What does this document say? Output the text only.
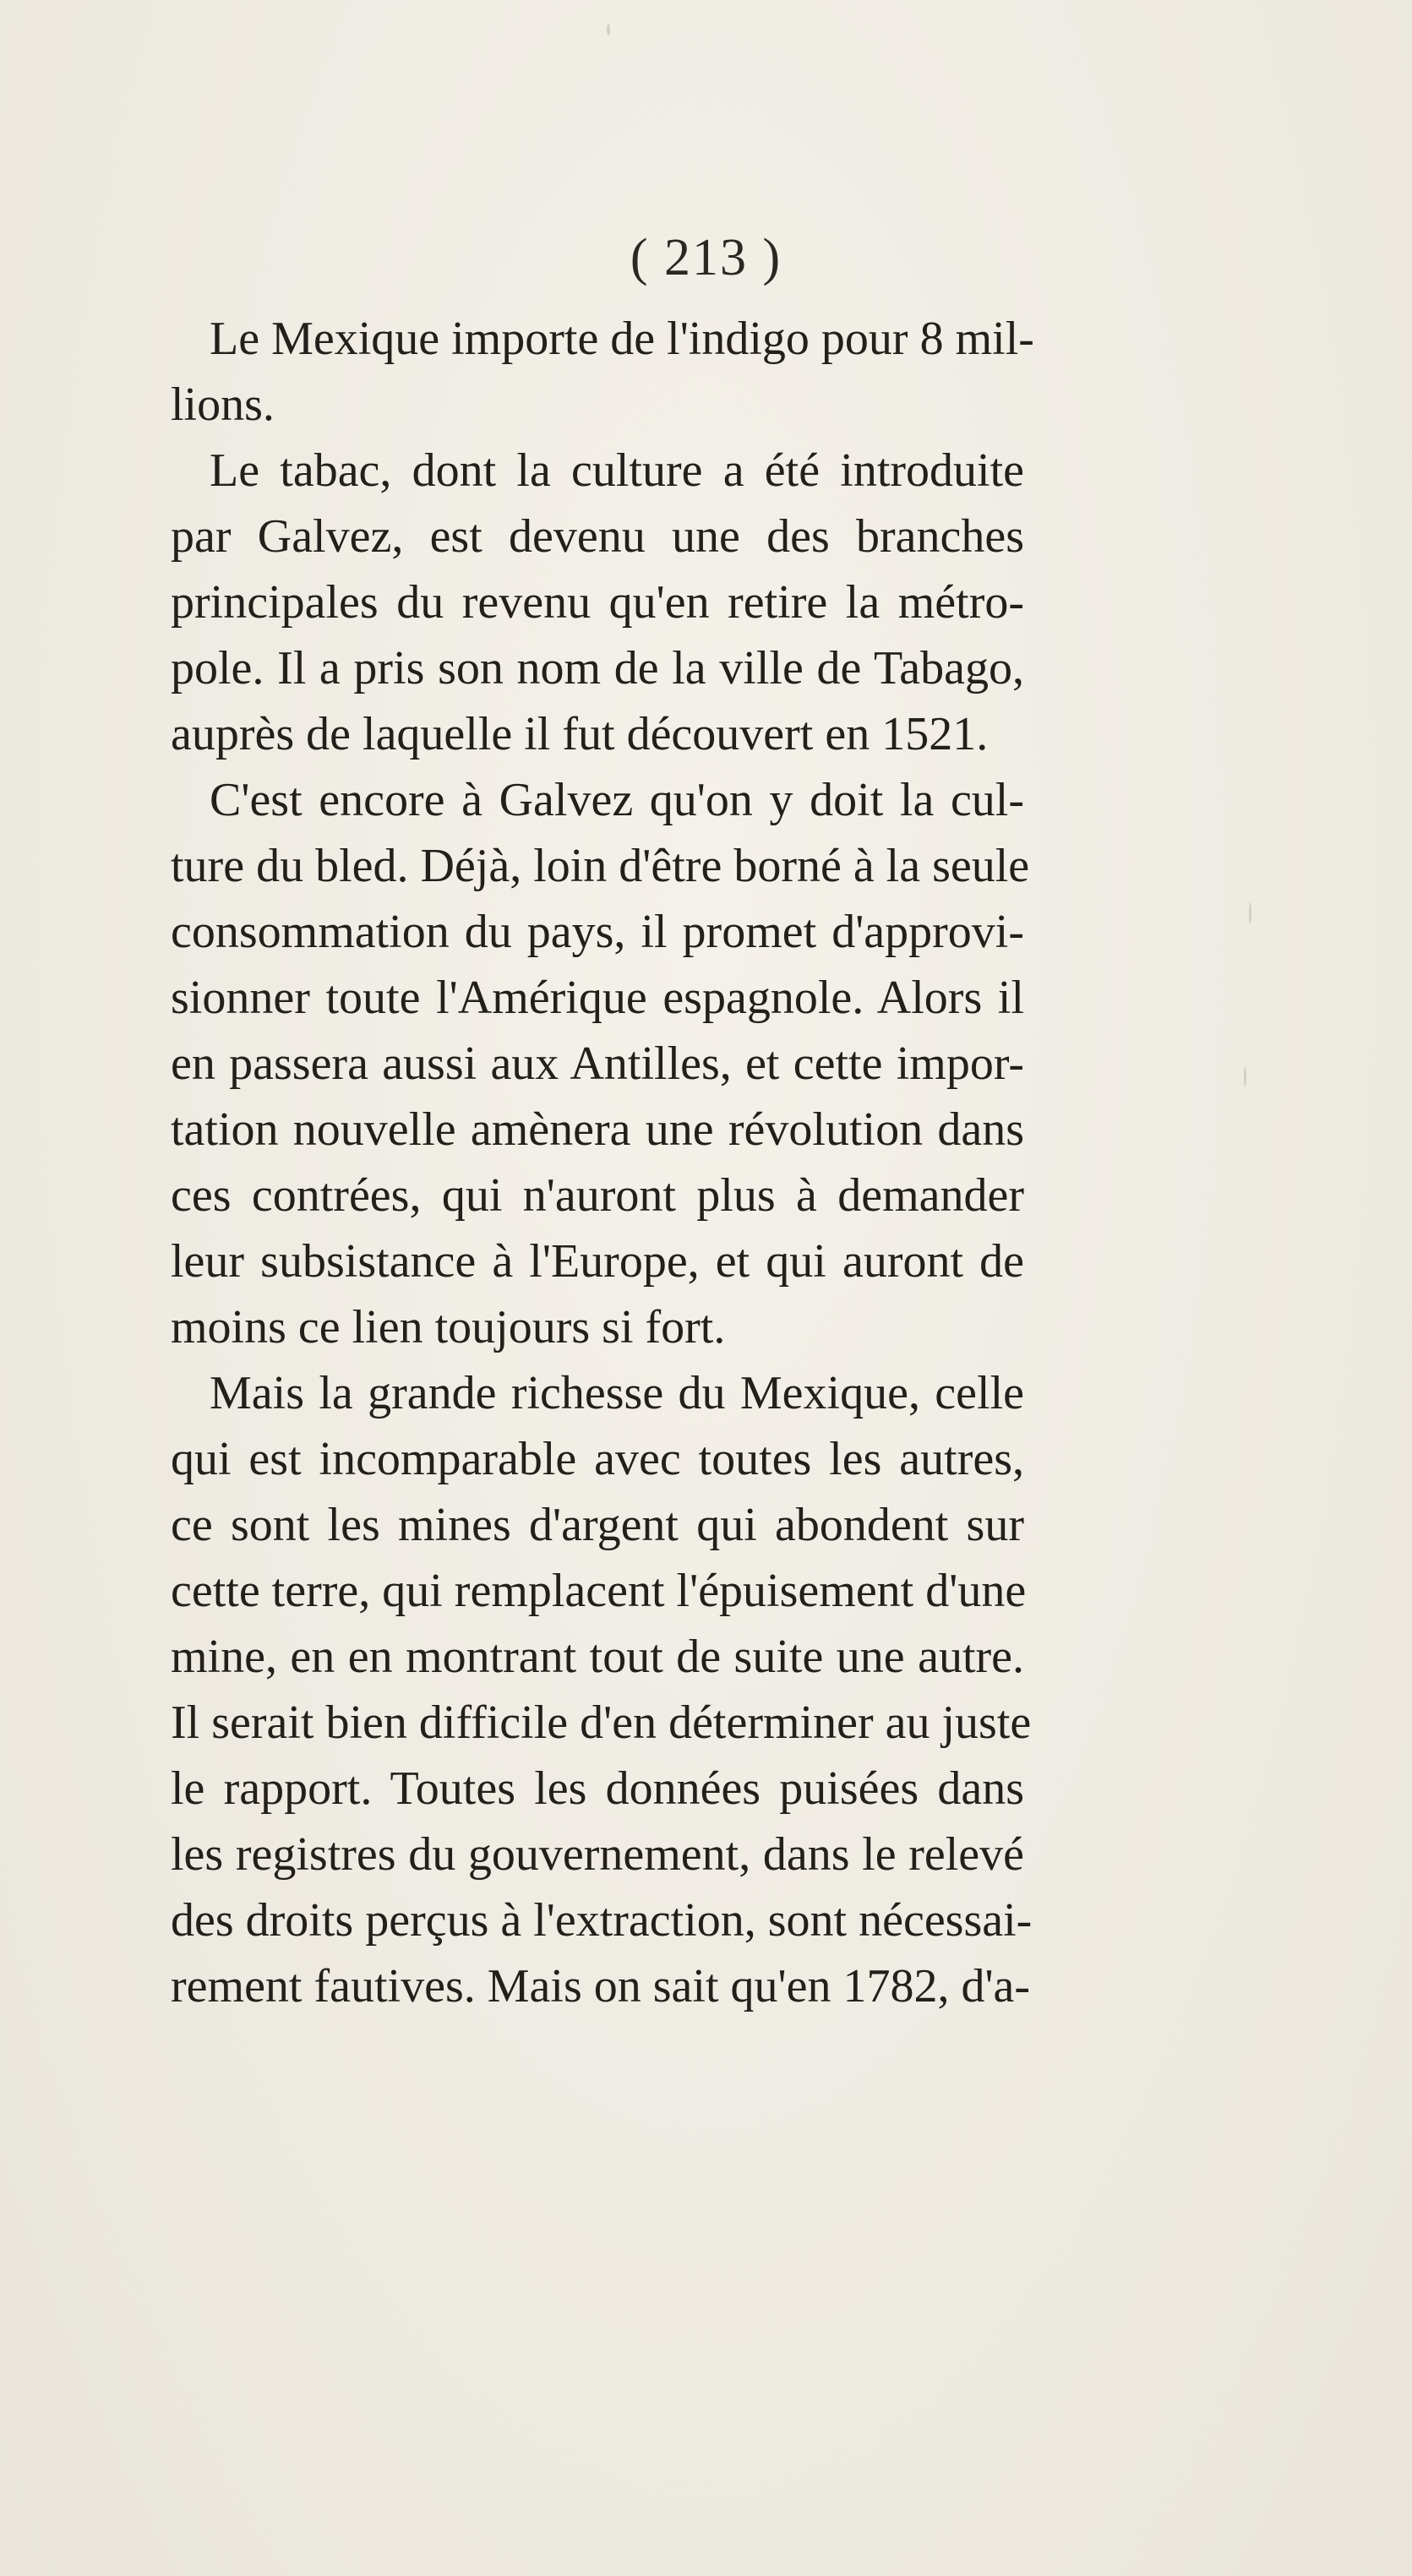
( 213 )
Le Mexique importe de l'indigo pour 8 mil-
lions.
Le tabac, dont la culture a été introduite
par Galvez, est devenu une des branches
principales du revenu qu'en retire la métro-
pole. Il a pris son nom de la ville de Tabago,
auprès de laquelle il fut découvert en 1521.
C'est encore à Galvez qu'on y doit la cul-
ture du bled. Déjà, loin d'être borné à la seule
consommation du pays, il promet d'approvi-
sionner toute l'Amérique espagnole. Alors il
en passera aussi aux Antilles, et cette impor-
tation nouvelle amènera une révolution dans
ces contrées, qui n'auront plus à demander
leur subsistance à l'Europe, et qui auront de
moins ce lien toujours si fort.
Mais la grande richesse du Mexique, celle
qui est incomparable avec toutes les autres,
ce sont les mines d'argent qui abondent sur
cette terre, qui remplacent l'épuisement d'une
mine, en en montrant tout de suite une autre.
Il serait bien difficile d'en déterminer au juste
le rapport. Toutes les données puisées dans
les registres du gouvernement, dans le relevé
des droits perçus à l'extraction, sont nécessai-
rement fautives. Mais on sait qu'en 1782, d'a-
